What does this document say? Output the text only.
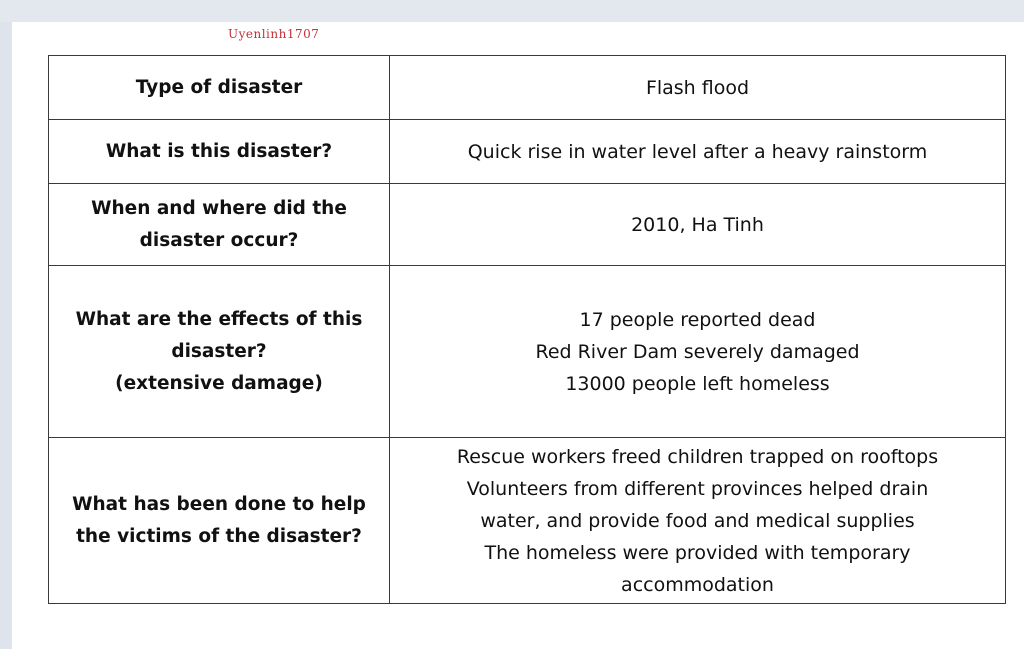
Uyenlinh1707
Type of disaster	Flash flood

What is this disaster?	Quick rise in water level after a heavy rainstorm

When and where did the
disaster occur?	2010, Ha Tinh

What are the effects of this
disaster?
(extensive damage)	17 people reported dead
Red River Dam severely damaged
13000 people left homeless

What has been done to help
the victims of the disaster?	Rescue workers freed children trapped on rooftops
Volunteers from different provinces helped drain
water, and provide food and medical supplies
The homeless were provided with temporary
accommodation
